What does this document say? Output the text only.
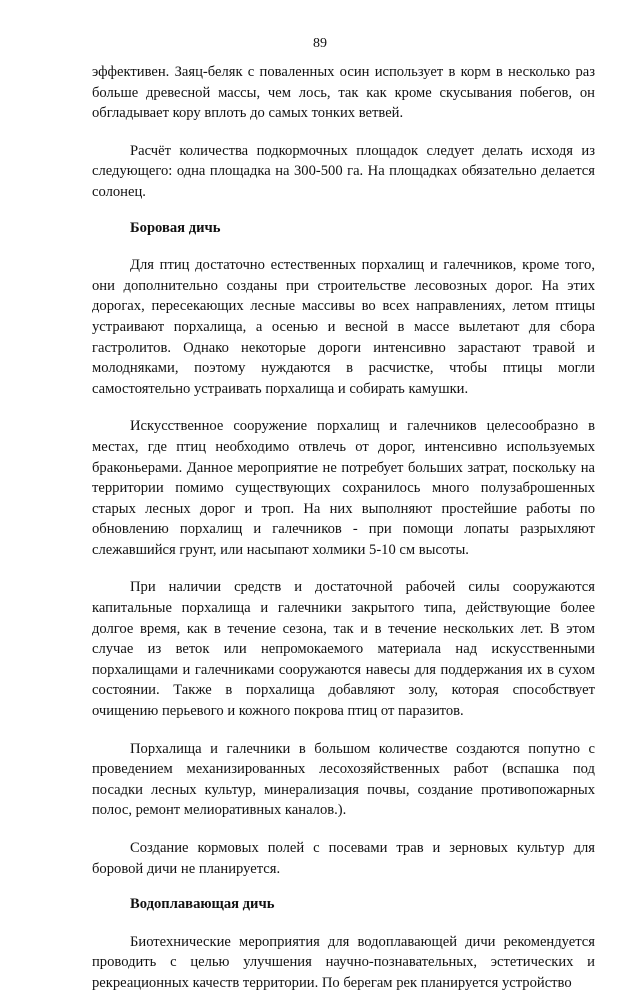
89

эффективен. Заяц-беляк с поваленных осин использует в корм в несколько раз больше древесной массы, чем лось, так как кроме скусывания побегов, он обгладывает кору вплоть до самых тонких ветвей.

Расчёт количества подкормочных площадок следует делать исходя из следующего: одна площадка на 300-500 га. На площадках обязательно делается солонец.

Боровая дичь

Для птиц достаточно естественных порхалищ и галечников, кроме того, они дополнительно созданы при строительстве лесовозных дорог. На этих дорогах, пересекающих лесные массивы во всех направлениях, летом птицы устраивают порхалища, а осенью и весной в массе вылетают для сбора гастролитов. Однако некоторые дороги интенсивно зарастают травой и молодняками, поэтому нуждаются в расчистке, чтобы птицы могли самостоятельно устраивать порхалища и собирать камушки.

Искусственное сооружение порхалищ и галечников целесообразно в местах, где птиц необходимо отвлечь от дорог, интенсивно используемых браконьерами. Данное мероприятие не потребует больших затрат, поскольку на территории помимо существующих сохранилось много полузаброшенных старых лесных дорог и троп. На них выполняют простейшие работы по обновлению порхалищ и галечников - при помощи лопаты разрыхляют слежавшийся грунт, или насыпают холмики 5-10 см высоты.

При наличии средств и достаточной рабочей силы сооружаются капитальные порхалища и галечники закрытого типа, действующие более долгое время, как в течение сезона, так и в течение нескольких лет. В этом случае из веток или непромокаемого материала над искусственными порхалищами и галечниками сооружаются навесы для поддержания их в сухом состоянии. Также в порхалища добавляют золу, которая способствует очищению перьевого и кожного покрова птиц от паразитов.

Порхалища и галечники в большом количестве создаются попутно с проведением механизированных лесохозяйственных работ (вспашка под посадки лесных культур, минерализация почвы, создание противопожарных полос, ремонт мелиоративных каналов.).

Создание кормовых полей с посевами трав и зерновых культур для боровой дичи не планируется.

Водоплавающая дичь

Биотехнические мероприятия для водоплавающей дичи рекомендуется проводить с целью улучшения научно-познавательных, эстетических и рекреационных качеств территории. По берегам рек планируется устройство
